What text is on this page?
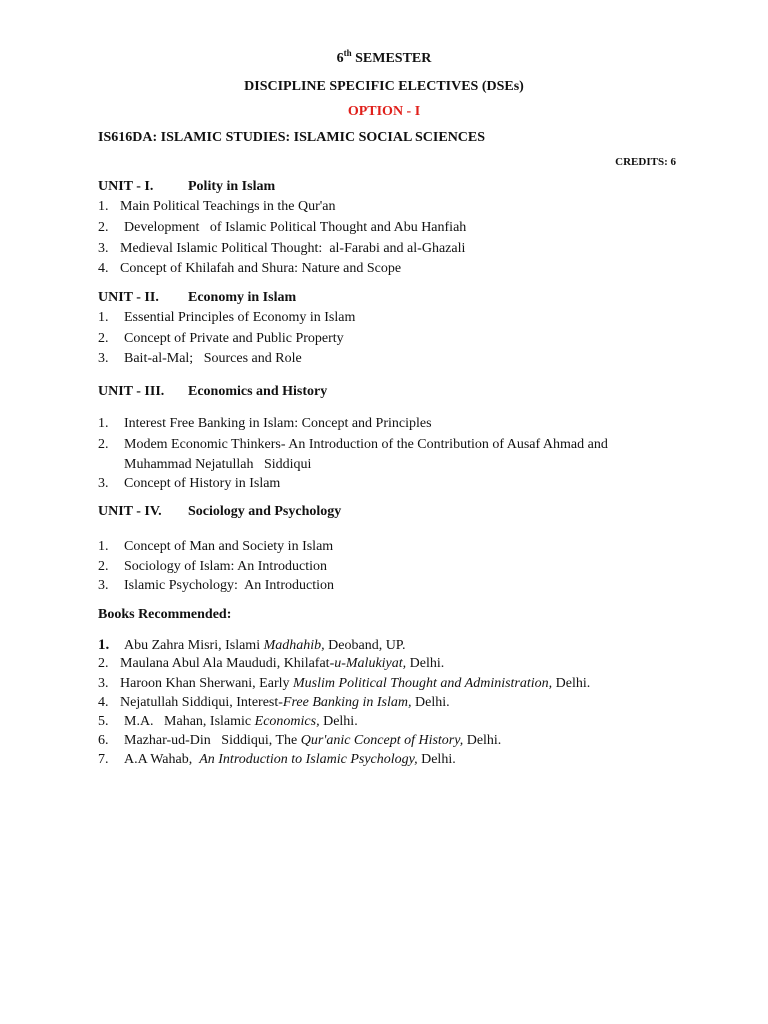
6th SEMESTER
DISCIPLINE SPECIFIC ELECTIVES (DSEs)
OPTION - I
IS616DA: ISLAMIC STUDIES: ISLAMIC SOCIAL SCIENCES
CREDITS: 6
UNIT - I. Polity in Islam
1. Main Political Teachings in the Qur'an
2. Development   of Islamic Political Thought and Abu Hanfiah
3. Medieval Islamic Political Thought:  al-Farabi and al-Ghazali
4. Concept of Khilafah and Shura: Nature and Scope
UNIT - II. Economy in Islam
1. Essential Principles of Economy in Islam
2. Concept of Private and Public Property
3. Bait-al-Mal;   Sources and Role
UNIT - III. Economics and History
1. Interest Free Banking in Islam: Concept and Principles
2. Modem Economic Thinkers- An Introduction of the Contribution of Ausaf Ahmad and
Muhammad Nejatullah   Siddiqui
3. Concept of History in Islam
UNIT - IV. Sociology and Psychology
1. Concept of Man and Society in Islam
2. Sociology of Islam: An Introduction
3. Islamic Psychology:  An Introduction
Books Recommended:
1. Abu Zahra Misri, Islami Madhahib, Deoband, UP.
2. Maulana Abul Ala Maududi, Khilafat-u-Malukiyat, Delhi.
3. Haroon Khan Sherwani, Early Muslim Political Thought and Administration, Delhi.
4. Nejatullah Siddiqui, Interest-Free Banking in Islam, Delhi.
5. M.A.   Mahan, Islamic Economics, Delhi.
6. Mazhar-ud-Din   Siddiqui, The Qur'anic Concept of History, Delhi.
7. A.A Wahab,  An Introduction to Islamic Psychology, Delhi.
